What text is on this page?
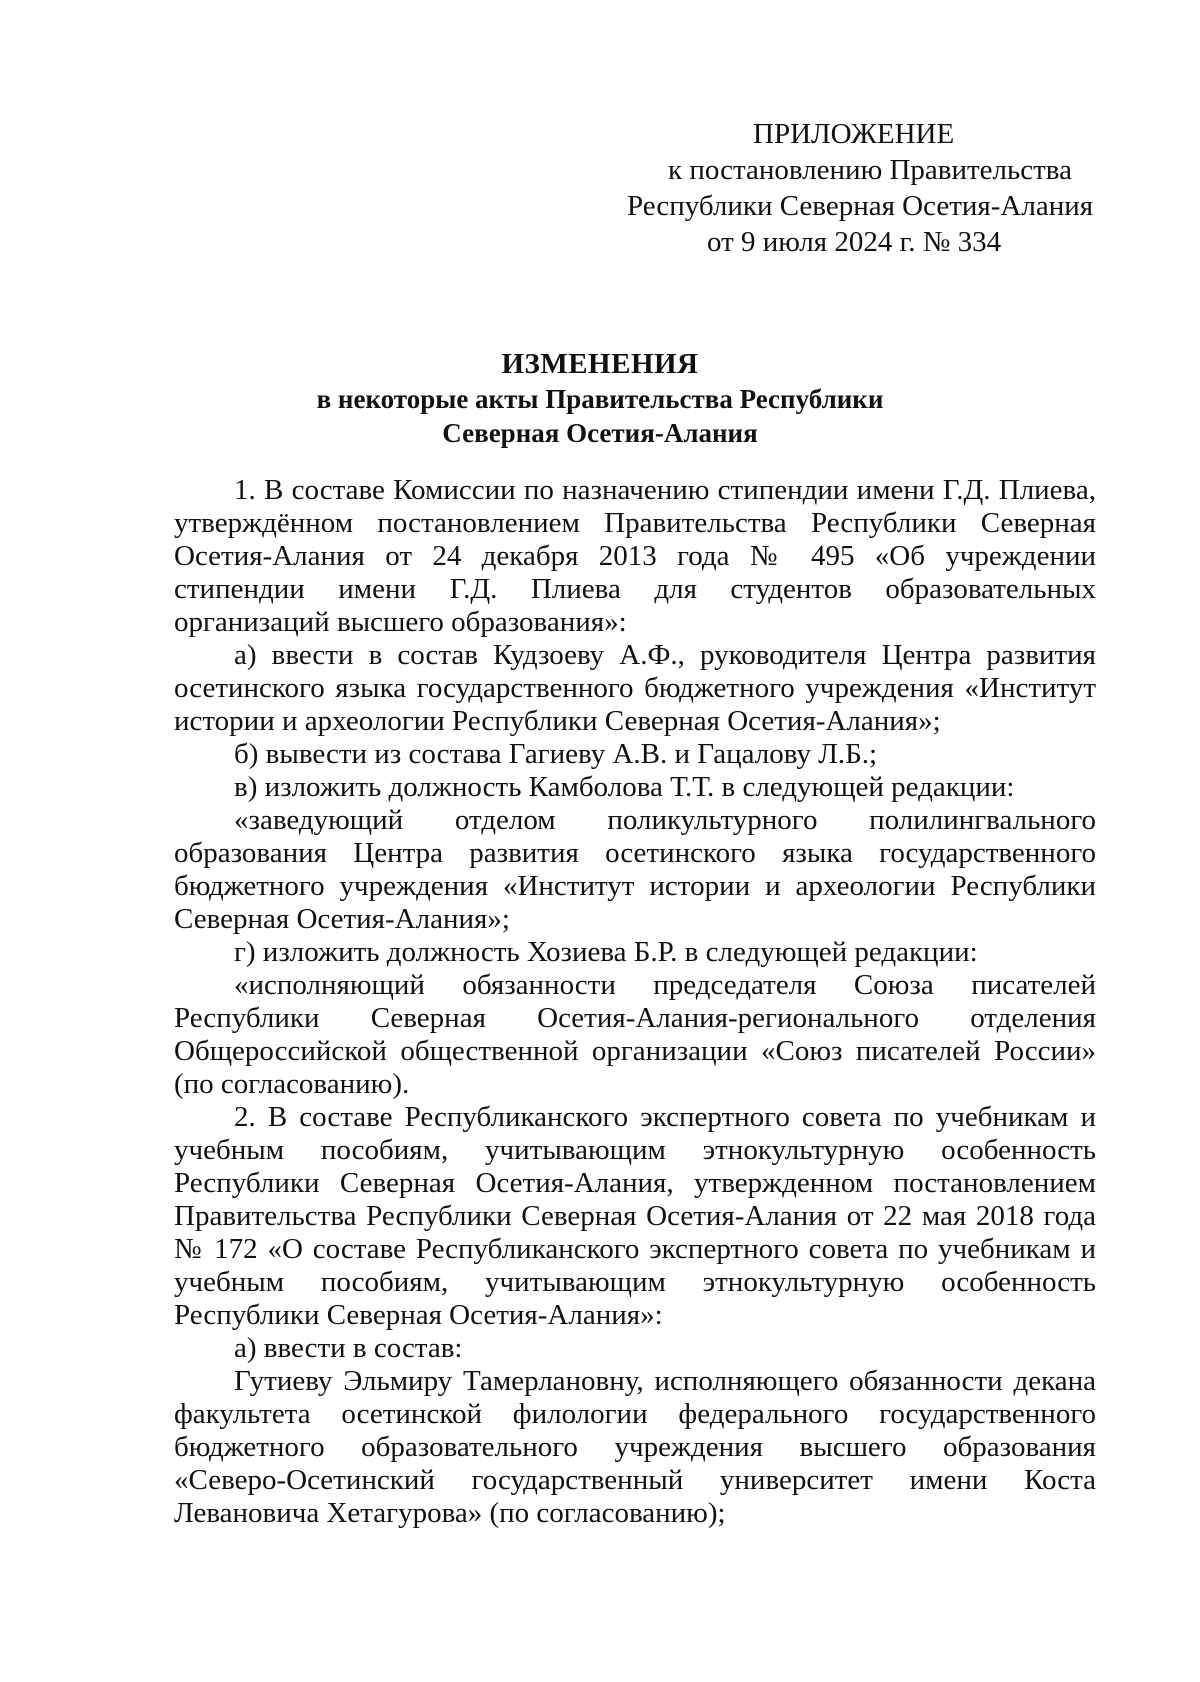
ПРИЛОЖЕНИЕ
к постановлению Правительства
Республики Северная Осетия-Алания
от 9 июля 2024 г. № 334
ИЗМЕНЕНИЯ
в некоторые акты Правительства Республики
Северная Осетия-Алания

1. В составе Комиссии по назначению стипендии имени Г.Д. Плиева, утверждённом постановлением Правительства Республики Северная Осетия-Алания от 24 декабря 2013 года № 495 «Об учреждении стипендии имени Г.Д. Плиева для студентов образовательных организаций высшего образования»:

а) ввести в состав Кудзоеву А.Ф., руководителя Центра развития осетинского языка государственного бюджетного учреждения «Институт истории и археологии Республики Северная Осетия-Алания»;

б) вывести из состава Гагиеву А.В. и Гацалову Л.Б.;

в) изложить должность Камболова Т.Т. в следующей редакции:

«заведующий отделом поликультурного полилингвального образования Центра развития осетинского языка государственного бюджетного учреждения «Институт истории и археологии Республики Северная Осетия-Алания»;

г) изложить должность Хозиева Б.Р. в следующей редакции:

«исполняющий обязанности председателя Союза писателей Республики Северная Осетия-Алания-регионального отделения Общероссийской общественной организации «Союз писателей России» (по согласованию).

2. В составе Республиканского экспертного совета по учебникам и учебным пособиям, учитывающим этнокультурную особенность Республики Северная Осетия-Алания, утвержденном постановлением Правительства Республики Северная Осетия-Алания от 22 мая 2018 года № 172 «О составе Республиканского экспертного совета по учебникам и учебным пособиям, учитывающим этнокультурную особенность Республики Северная Осетия-Алания»:

а) ввести в состав:

Гутиеву Эльмиру Тамерлановну, исполняющего обязанности декана факультета осетинской филологии федерального государственного бюджетного образовательного учреждения высшего образования «Северо-Осетинский государственный университет имени Коста Левановича Хетагурова» (по согласованию);
